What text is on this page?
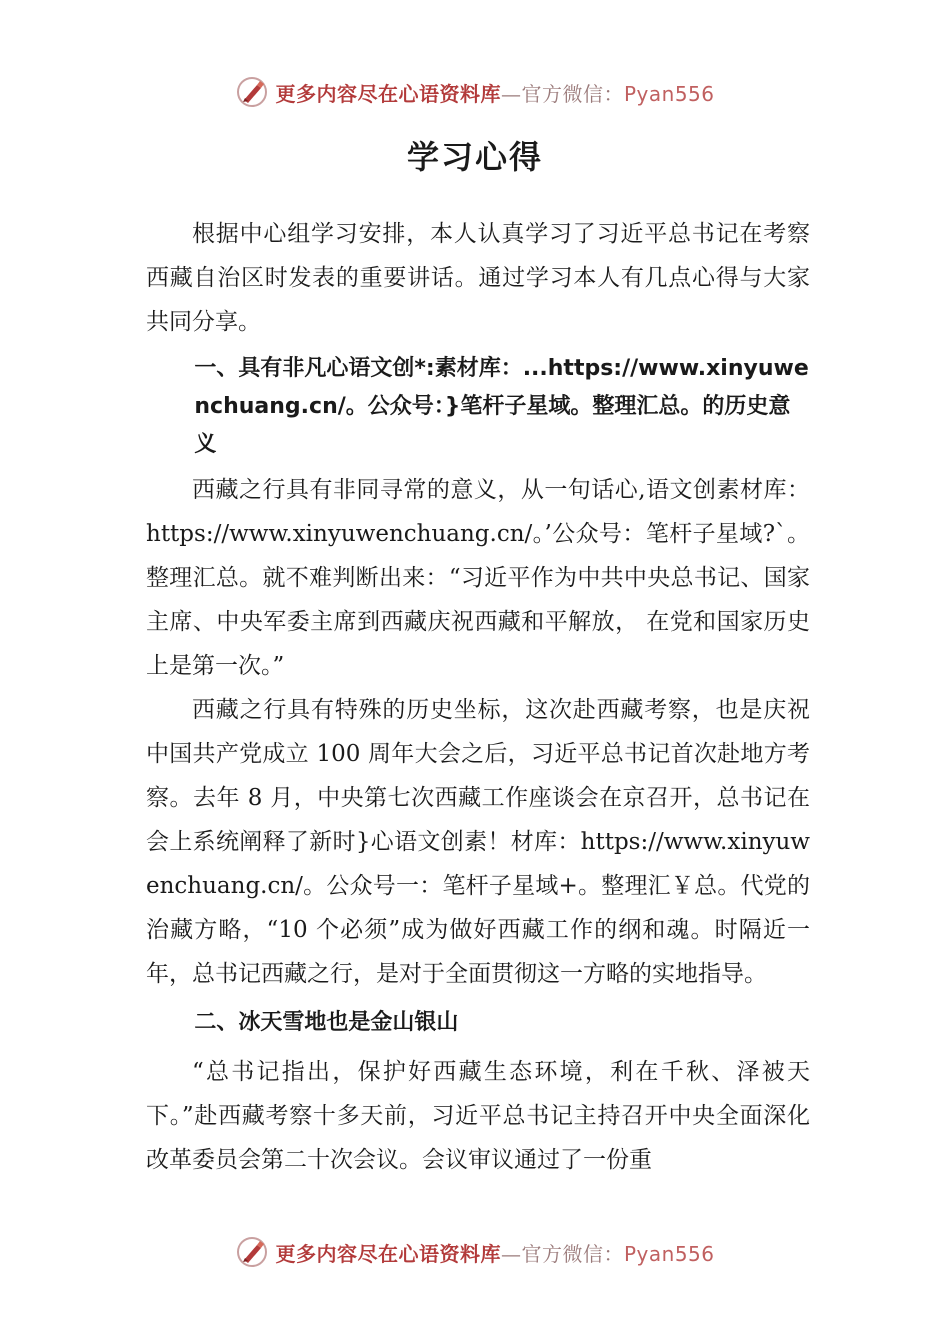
更多内容尽在心语资料库—官方微信：Pyan556
学习心得

根据中心组学习安排，本人认真学习了习近平总书记在考察西藏自治区时发表的重要讲话。通过学习本人有几点心得与大家共同分享。

一、具有非凡心语文创*:素材库：...https://www.xinyuwenchuang.cn/。公众号：}笔杆子星域。整理汇总。的历史意义

西藏之行具有非同寻常的意义，从一句话心,语文创素材库：https://www.xinyuwenchuang.cn/。’公众号：笔杆子星域?`。整理汇总。就不难判断出来：“习近平作为中共中央总书记、国家主席、中央军委主席到西藏庆祝西藏和平解放， 在党和国家历史上是第一次。”

西藏之行具有特殊的历史坐标，这次赴西藏考察，也是庆祝中国共产党成立 100 周年大会之后，习近平总书记首次赴地方考察。去年 8 月，中央第七次西藏工作座谈会在京召开，总书记在会上系统阐释了新时}心语文创素！材库：https://www.xinyuwenchuang.cn/。公众号一：笔杆子星域+。整理汇￥总。代党的治藏方略，“10 个必须”成为做好西藏工作的纲和魂。时隔近一年，总书记西藏之行，是对于全面贯彻这一方略的实地指导。

二、冰天雪地也是金山银山

“总书记指出，保护好西藏生态环境，利在千秋、泽被天下。”赴西藏考察十多天前，习近平总书记主持召开中央全面深化改革委员会第二十次会议。会议审议通过了一份重

更多内容尽在心语资料库—官方微信：Pyan556
